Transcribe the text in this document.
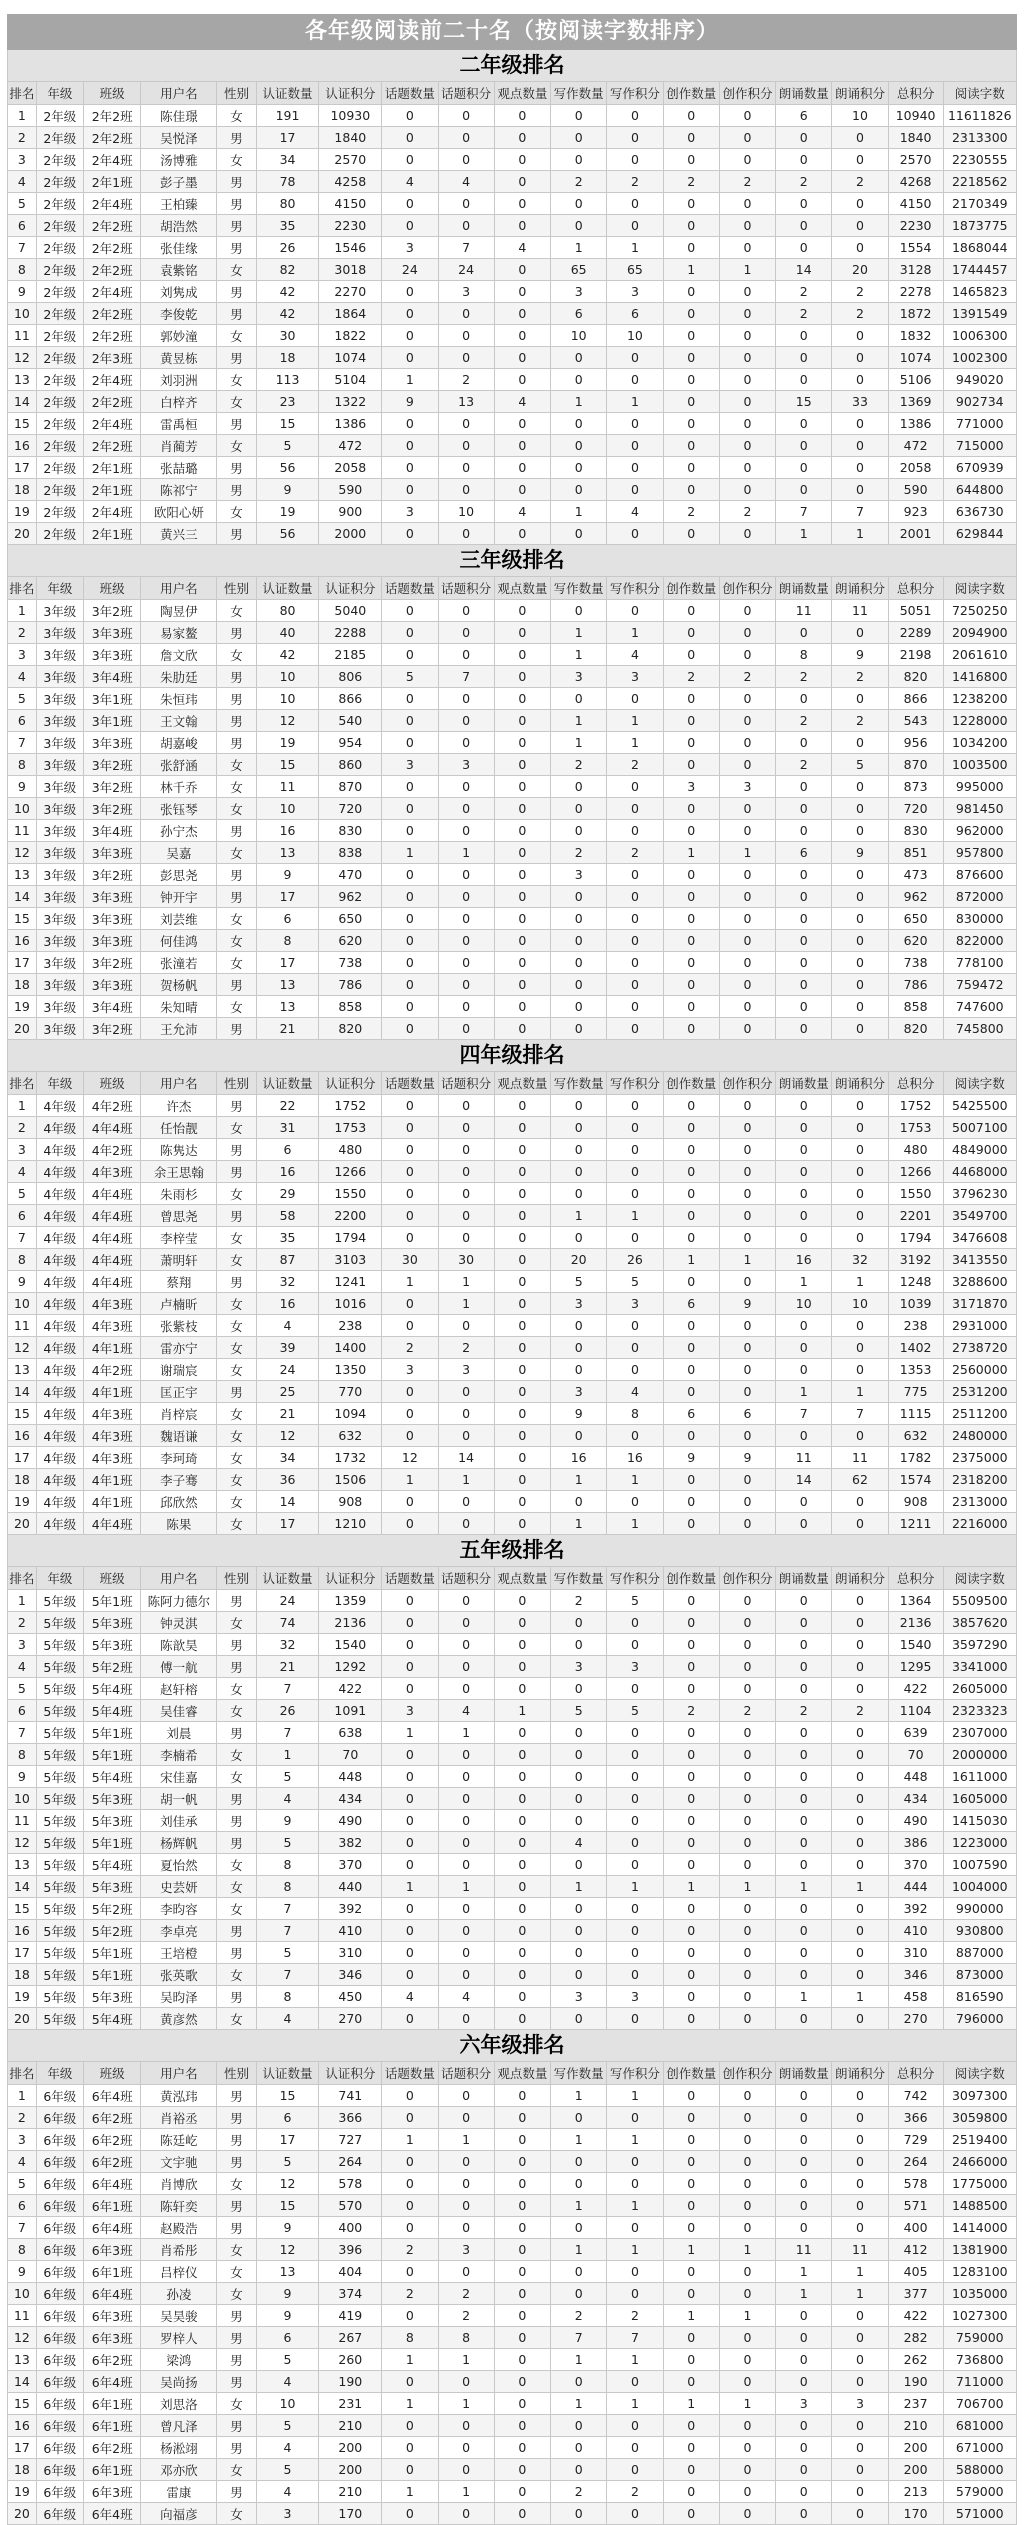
各年级阅读前二十名（按阅读字数排序）
二年级排名
排名	年级	班级	用户名	性别	认证数量	认证积分	话题数量	话题积分	观点数量	写作数量	写作积分	创作数量	创作积分	朗诵数量	朗诵积分	总积分	阅读字数
1	2年级	2年2班	陈佳璟	女	191	10930	0	0	0	0	0	0	0	6	10	10940	11611826
2	2年级	2年2班	吴悦泽	男	17	1840	0	0	0	0	0	0	0	0	0	1840	2313300
3	2年级	2年4班	汤博雅	女	34	2570	0	0	0	0	0	0	0	0	0	2570	2230555
4	2年级	2年1班	彭子墨	男	78	4258	4	4	0	2	2	2	2	2	2	4268	2218562
5	2年级	2年4班	王柏臻	男	80	4150	0	0	0	0	0	0	0	0	0	4150	2170349
6	2年级	2年2班	胡浩然	男	35	2230	0	0	0	0	0	0	0	0	0	2230	1873775
7	2年级	2年2班	张佳缘	男	26	1546	3	7	4	1	1	0	0	0	0	1554	1868044
8	2年级	2年2班	袁紫铭	女	82	3018	24	24	0	65	65	1	1	14	20	3128	1744457
9	2年级	2年4班	刘隽成	男	42	2270	0	3	0	3	3	0	0	2	2	2278	1465823
10	2年级	2年2班	李俊乾	男	42	1864	0	0	0	6	6	0	0	2	2	1872	1391549
11	2年级	2年2班	郭妙潼	女	30	1822	0	0	0	10	10	0	0	0	0	1832	1006300
12	2年级	2年3班	黄昱栋	男	18	1074	0	0	0	0	0	0	0	0	0	1074	1002300
13	2年级	2年4班	刘羽洲	女	113	5104	1	2	0	0	0	0	0	0	0	5106	949020
14	2年级	2年2班	白梓齐	女	23	1322	9	13	4	1	1	0	0	15	33	1369	902734
15	2年级	2年4班	雷禹桓	男	15	1386	0	0	0	0	0	0	0	0	0	1386	771000
16	2年级	2年2班	肖蔺芳	女	5	472	0	0	0	0	0	0	0	0	0	472	715000
17	2年级	2年1班	张喆璐	男	56	2058	0	0	0	0	0	0	0	0	0	2058	670939
18	2年级	2年1班	陈祁宁	男	9	590	0	0	0	0	0	0	0	0	0	590	644800
19	2年级	2年4班	欧阳心妍	女	19	900	3	10	4	1	4	2	2	7	7	923	636730
20	2年级	2年1班	黄兴三	男	56	2000	0	0	0	0	0	0	0	1	1	2001	629844
三年级排名
排名	年级	班级	用户名	性别	认证数量	认证积分	话题数量	话题积分	观点数量	写作数量	写作积分	创作数量	创作积分	朗诵数量	朗诵积分	总积分	阅读字数
1	3年级	3年2班	陶昱伊	女	80	5040	0	0	0	0	0	0	0	11	11	5051	7250250
2	3年级	3年3班	易家鳌	男	40	2288	0	0	0	1	1	0	0	0	0	2289	2094900
3	3年级	3年3班	詹文欣	女	42	2185	0	0	0	1	4	0	0	8	9	2198	2061610
4	3年级	3年4班	朱肋廷	男	10	806	5	7	0	3	3	2	2	2	2	820	1416800
5	3年级	3年1班	朱恒玮	男	10	866	0	0	0	0	0	0	0	0	0	866	1238200
6	3年级	3年1班	王文翰	男	12	540	0	0	0	1	1	0	0	2	2	543	1228000
7	3年级	3年3班	胡嘉峻	男	19	954	0	0	0	1	1	0	0	0	0	956	1034200
8	3年级	3年2班	张舒涵	女	15	860	3	3	0	2	2	0	0	2	5	870	1003500
9	3年级	3年2班	林千乔	女	11	870	0	0	0	0	0	3	3	0	0	873	995000
10	3年级	3年2班	张钰琴	女	10	720	0	0	0	0	0	0	0	0	0	720	981450
11	3年级	3年4班	孙宁杰	男	16	830	0	0	0	0	0	0	0	0	0	830	962000
12	3年级	3年3班	吴嘉	女	13	838	1	1	0	2	2	1	1	6	9	851	957800
13	3年级	3年2班	彭思尧	男	9	470	0	0	0	3	0	0	0	0	0	473	876600
14	3年级	3年3班	钟开宇	男	17	962	0	0	0	0	0	0	0	0	0	962	872000
15	3年级	3年3班	刘芸维	女	6	650	0	0	0	0	0	0	0	0	0	650	830000
16	3年级	3年3班	何佳鸿	女	8	620	0	0	0	0	0	0	0	0	0	620	822000
17	3年级	3年2班	张潼若	女	17	738	0	0	0	0	0	0	0	0	0	738	778100
18	3年级	3年3班	贺杨帆	男	13	786	0	0	0	0	0	0	0	0	0	786	759472
19	3年级	3年4班	朱知晴	女	13	858	0	0	0	0	0	0	0	0	0	858	747600
20	3年级	3年2班	王允沛	男	21	820	0	0	0	0	0	0	0	0	0	820	745800
四年级排名
排名	年级	班级	用户名	性别	认证数量	认证积分	话题数量	话题积分	观点数量	写作数量	写作积分	创作数量	创作积分	朗诵数量	朗诵积分	总积分	阅读字数
1	4年级	4年2班	许杰	男	22	1752	0	0	0	0	0	0	0	0	0	1752	5425500
2	4年级	4年4班	任怡靓	女	31	1753	0	0	0	0	0	0	0	0	0	1753	5007100
3	4年级	4年2班	陈隽达	男	6	480	0	0	0	0	0	0	0	0	0	480	4849000
4	4年级	4年3班	余王思翰	男	16	1266	0	0	0	0	0	0	0	0	0	1266	4468000
5	4年级	4年4班	朱雨杉	女	29	1550	0	0	0	0	0	0	0	0	0	1550	3796230
6	4年级	4年4班	曾思尧	男	58	2200	0	0	0	1	1	0	0	0	0	2201	3549700
7	4年级	4年4班	李梓莹	女	35	1794	0	0	0	0	0	0	0	0	0	1794	3476608
8	4年级	4年4班	萧明轩	女	87	3103	30	30	0	20	26	1	1	16	32	3192	3413550
9	4年级	4年4班	蔡翔	男	32	1241	1	1	0	5	5	0	0	1	1	1248	3288600
10	4年级	4年3班	卢楠昕	女	16	1016	0	1	0	3	3	6	9	10	10	1039	3171870
11	4年级	4年3班	张紫枝	女	4	238	0	0	0	0	0	0	0	0	0	238	2931000
12	4年级	4年1班	雷亦宁	女	39	1400	2	2	0	0	0	0	0	0	0	1402	2738720
13	4年级	4年2班	谢瑞宸	女	24	1350	3	3	0	0	0	0	0	0	0	1353	2560000
14	4年级	4年1班	匡正宇	男	25	770	0	0	0	3	4	0	0	1	1	775	2531200
15	4年级	4年3班	肖梓宸	女	21	1094	0	0	0	9	8	6	6	7	7	1115	2511200
16	4年级	4年3班	魏语谦	女	12	632	0	0	0	0	0	0	0	0	0	632	2480000
17	4年级	4年3班	李珂琦	女	34	1732	12	14	0	16	16	9	9	11	11	1782	2375000
18	4年级	4年1班	李子骞	女	36	1506	1	1	0	1	1	0	0	14	62	1574	2318200
19	4年级	4年1班	邱欣然	女	14	908	0	0	0	0	0	0	0	0	0	908	2313000
20	4年级	4年4班	陈果	女	17	1210	0	0	0	1	1	0	0	0	0	1211	2216000
五年级排名
排名	年级	班级	用户名	性别	认证数量	认证积分	话题数量	话题积分	观点数量	写作数量	写作积分	创作数量	创作积分	朗诵数量	朗诵积分	总积分	阅读字数
1	5年级	5年1班	陈阿力德尔	男	24	1359	0	0	0	2	5	0	0	0	0	1364	5509500
2	5年级	5年3班	钟灵淇	女	74	2136	0	0	0	0	0	0	0	0	0	2136	3857620
3	5年级	5年3班	陈歆昊	男	32	1540	0	0	0	0	0	0	0	0	0	1540	3597290
4	5年级	5年2班	傅一航	男	21	1292	0	0	0	3	3	0	0	0	0	1295	3341000
5	5年级	5年4班	赵轩榕	女	7	422	0	0	0	0	0	0	0	0	0	422	2605000
6	5年级	5年4班	吴佳睿	女	26	1091	3	4	1	5	5	2	2	2	2	1104	2323323
7	5年级	5年1班	刘晨	男	7	638	1	1	0	0	0	0	0	0	0	639	2307000
8	5年级	5年1班	李楠希	女	1	70	0	0	0	0	0	0	0	0	0	70	2000000
9	5年级	5年4班	宋佳嘉	女	5	448	0	0	0	0	0	0	0	0	0	448	1611000
10	5年级	5年3班	胡一帆	男	4	434	0	0	0	0	0	0	0	0	0	434	1605000
11	5年级	5年3班	刘佳承	男	9	490	0	0	0	0	0	0	0	0	0	490	1415030
12	5年级	5年1班	杨辉帆	男	5	382	0	0	0	4	0	0	0	0	0	386	1223000
13	5年级	5年4班	夏怡然	女	8	370	0	0	0	0	0	0	0	0	0	370	1007590
14	5年级	5年3班	史芸妍	女	8	440	1	1	0	1	1	1	1	1	1	444	1004000
15	5年级	5年2班	李昀容	女	7	392	0	0	0	0	0	0	0	0	0	392	990000
16	5年级	5年2班	李卓亮	男	7	410	0	0	0	0	0	0	0	0	0	410	930800
17	5年级	5年1班	王培橙	男	5	310	0	0	0	0	0	0	0	0	0	310	887000
18	5年级	5年1班	张英歌	女	7	346	0	0	0	0	0	0	0	0	0	346	873000
19	5年级	5年3班	吴昀泽	男	8	450	4	4	0	3	3	0	0	1	1	458	816590
20	5年级	5年4班	黄彦然	女	4	270	0	0	0	0	0	0	0	0	0	270	796000
六年级排名
排名	年级	班级	用户名	性别	认证数量	认证积分	话题数量	话题积分	观点数量	写作数量	写作积分	创作数量	创作积分	朗诵数量	朗诵积分	总积分	阅读字数
1	6年级	6年4班	黄泓玮	男	15	741	0	0	0	1	1	0	0	0	0	742	3097300
2	6年级	6年2班	肖裕丞	男	6	366	0	0	0	0	0	0	0	0	0	366	3059800
3	6年级	6年2班	陈廷屹	男	17	727	1	1	0	1	1	0	0	0	0	729	2519400
4	6年级	6年2班	文宇驰	男	5	264	0	0	0	0	0	0	0	0	0	264	2466000
5	6年级	6年4班	肖博欣	女	12	578	0	0	0	0	0	0	0	0	0	578	1775000
6	6年级	6年1班	陈轩奕	男	15	570	0	0	0	1	1	0	0	0	0	571	1488500
7	6年级	6年4班	赵殿浩	男	9	400	0	0	0	0	0	0	0	0	0	400	1414000
8	6年级	6年3班	肖希彤	女	12	396	2	3	0	1	1	1	1	11	11	412	1381900
9	6年级	6年1班	吕梓仪	女	13	404	0	0	0	0	0	0	0	1	1	405	1283100
10	6年级	6年4班	孙凌	女	9	374	2	2	0	0	0	0	0	1	1	377	1035000
11	6年级	6年3班	吴昊骏	男	9	419	0	2	0	2	2	1	1	0	0	422	1027300
12	6年级	6年3班	罗梓人	男	6	267	8	8	0	7	7	0	0	0	0	282	759000
13	6年级	6年2班	梁鸿	男	5	260	1	1	0	1	1	0	0	0	0	262	736800
14	6年级	6年4班	吴尚扬	男	4	190	0	0	0	0	0	0	0	0	0	190	711000
15	6年级	6年1班	刘思洛	女	10	231	1	1	0	1	1	1	1	3	3	237	706700
16	6年级	6年1班	曾凡泽	男	5	210	0	0	0	0	0	0	0	0	0	210	681000
17	6年级	6年2班	杨淞翊	男	4	200	0	0	0	0	0	0	0	0	0	200	671000
18	6年级	6年1班	邓亦欣	女	5	200	0	0	0	0	0	0	0	0	0	200	588000
19	6年级	6年3班	雷康	男	4	210	1	1	0	2	2	0	0	0	0	213	579000
20	6年级	6年4班	向福彦	女	3	170	0	0	0	0	0	0	0	0	0	170	571000
